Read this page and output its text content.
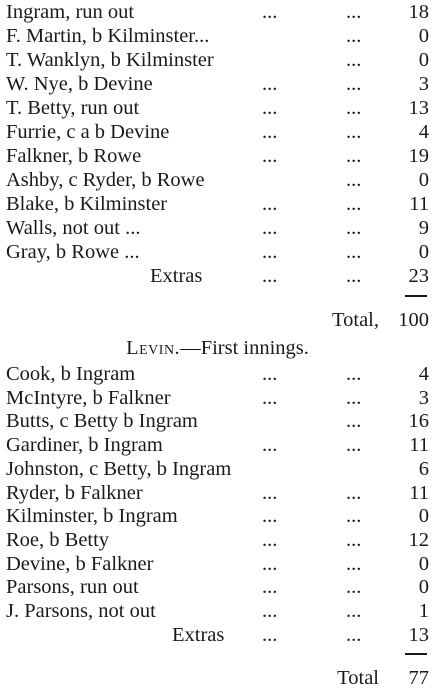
Ingram, run out	...	...	18
F. Martin, b Kilminster...	...	0
T. Wanklyn, b Kilminster	...	0
W. Nye, b Devine	...	...	3
T. Betty, run out	...	...	13
Furrie, c a b Devine	...	...	4
Falkner, b Rowe	...	...	19
Ashby, c Ryder, b Rowe	...	0
Blake, b Kilminster	...	...	11
Walls, not out ...	...	...	9
Gray, b Rowe ...	...	...	0
Extras	...	...	23
Total, 100
Levin.—First innings.
Cook, b Ingram	...	...	4
McIntyre, b Falkner	...	...	3
Butts, c Betty b Ingram	...	16
Gardiner, b Ingram	...	...	11
Johnston, c Betty, b Ingram	6
Ryder, b Falkner	...	...	11
Kilminster, b Ingram	...	...	0
Roe, b Betty	...	...	12
Devine, b Falkner	...	...	0
Parsons, run out	...	...	0
J. Parsons, not out	...	...	1
Extras ...	...	13
Total	77
